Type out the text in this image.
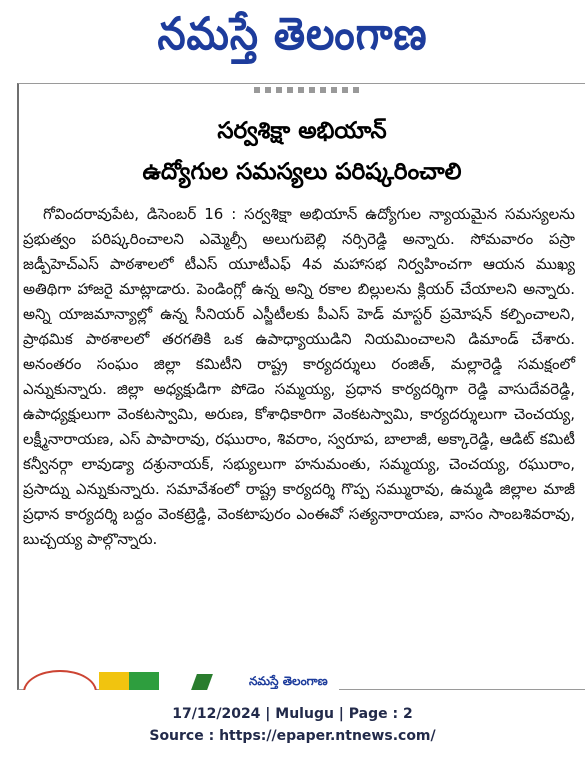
నమస్తే తెలంగాణ
సర్వశిక్షా అభియాన్
ఉద్యోగుల సమస్యలు పరిష్కరించాలి
గోవిందరావుపేట, డిసెంబర్ 16 : సర్వశిక్షా అభియాన్ ఉద్యోగుల న్యాయమైన సమస్యలను ప్రభుత్వం పరిష్కరించాలని ఎమ్మెల్సీ అలుగుబెల్లి నర్సిరెడ్డి అన్నారు. సోమవారం పస్రా జడ్పీహెచ్ఎస్ పాఠశాలలో టీఎస్ యూటీఎఫ్ 4వ మహాసభ నిర్వహించగా ఆయన ముఖ్య అతిథిగా హాజరై మాట్లాడారు. పెండింగ్లో ఉన్న అన్ని రకాల బిల్లులను క్లియర్ చేయాలని అన్నారు. అన్ని యాజమాన్యాల్లో ఉన్న సీనియర్ ఎస్జీటీలకు పీఎస్ హెడ్ మాస్టర్ ప్రమోషన్ కల్పించాలని, ప్రాథమిక పాఠశాలలో తరగతికి ఒక ఉపాధ్యాయుడిని నియమించాలని డిమాండ్ చేశారు. అనంతరం సంఘం జిల్లా కమిటీని రాష్ట్ర కార్యదర్శులు రంజిత్, మల్లారెడ్డి సమక్షంలో ఎన్నుకున్నారు. జిల్లా అధ్యక్షుడిగా పోడెం సమ్మయ్య, ప్రధాన కార్యదర్శిగా రెడ్డి వాసుదేవరెడ్డి, ఉపాధ్యక్షులుగా వెంకటస్వామి, అరుణ, కోశాధికారిగా వెంకటస్వామి, కార్యదర్శులుగా చెంచయ్య, లక్ష్మీనారాయణ, ఎస్ పాపారావు, రఘురాం, శివరాం, స్వరూప, బాలాజీ, అక్కారెడ్డి, ఆడిట్ కమిటీ కన్వీనర్గా లావుడ్యా దశ్రునాయక్, సభ్యులుగా హనుమంతు, సమ్మయ్య, చెంచయ్య, రఘురాం, ప్రసాద్ను ఎన్నుకున్నారు. సమావేశంలో రాష్ట్ర కార్యదర్శి గొప్ప సమ్మురావు, ఉమ్మడి జిల్లాల మాజీ ప్రధాన కార్యదర్శి బద్దం వెంకట్రెడ్డి, వెంకటాపురం ఎంఈవో సత్యనారాయణ, వాసం సాంబశివరావు, బుచ్చయ్య పాల్గొన్నారు.
నమస్తే తెలంగాణ
17/12/2024 | Mulugu | Page : 2
Source : https://epaper.ntnews.com/
